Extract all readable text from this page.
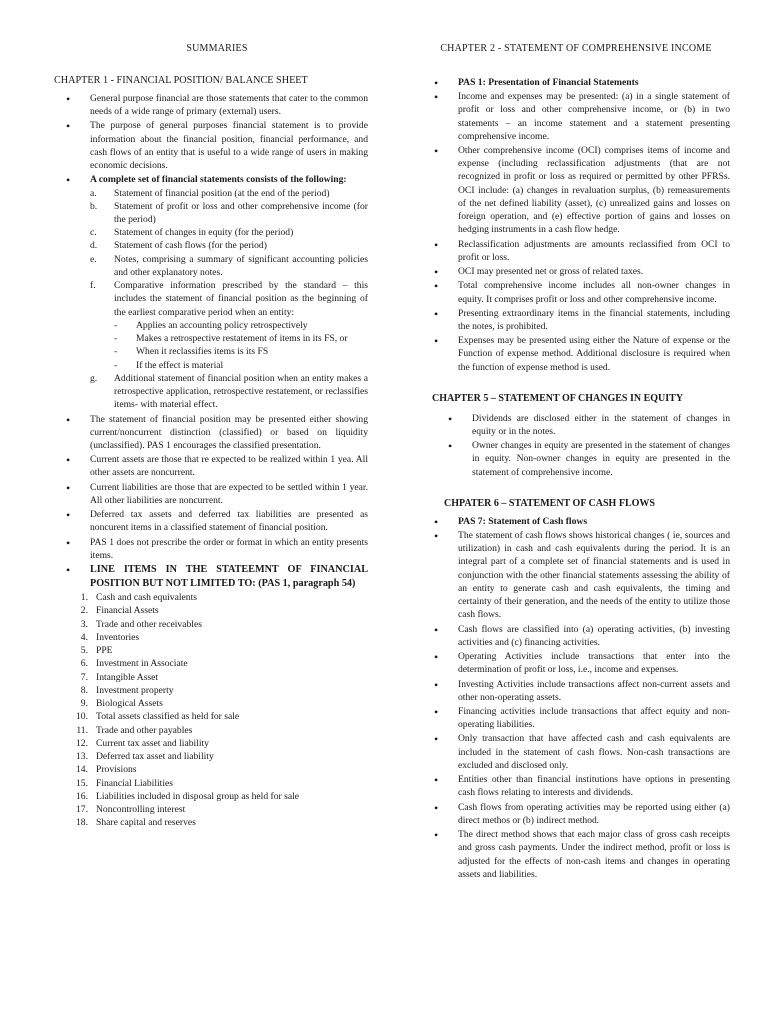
SUMMARIES
CHAPTER 1 - FINANCIAL POSITION/ BALANCE SHEET
• General purpose financial are those statements that cater to the common needs of a wide range of primary (external) users.
• The purpose of general purposes financial statement is to provide information about the financial position, financial performance, and cash flows of an entity that is useful to a wide range of users in making economic decisions.
• A complete set of financial statements consists of the following:
a. Statement of financial position (at the end of the period)
b. Statement of profit or loss and other comprehensive income (for the period)
c. Statement of changes in equity (for the period)
d. Statement of cash flows (for the period)
e. Notes, comprising a summary of significant accounting policies and other explanatory notes.
f. Comparative information prescribed by the standard – this includes the statement of financial position as the beginning of the earliest comparative period when an entity:
- Applies an accounting policy retrospectively
- Makes a retrospective restatement of items in its FS, or
- When it reclassifies items is its FS
- If the effect is material
g. Additional statement of financial position when an entity makes a retrospective application, retrospective restatement, or reclassifies items- with material effect.
• The statement of financial position may be presented either showing current/noncurrent distinction (classified) or based on liquidity (unclassified). PAS 1 encourages the classified presentation.
• Current assets are those that re expected to be realized within 1 yea. All other assets are noncurrent.
• Current liabilities are those that are expected to be settled within 1 year. All other liabilities are noncurrent.
• Deferred tax assets and deferred tax liabilities are presented as noncurent items in a classified statement of financial position.
• PAS 1 does not prescribe the order or format in which an entity presents items.
• LINE ITEMS IN THE STATEEMNT OF FINANCIAL POSITION BUT NOT LIMITED TO: (PAS 1, paragraph 54)
1. Cash and cash equivalents
2. Financial Assets
3. Trade and other receivables
4. Inventories
5. PPE
6. Investment in Associate
7. Intangible Asset
8. Investment property
9. Biological Assets
10. Total assets classified as held for sale
11. Trade and other payables
12. Current tax asset and liability
13. Deferred tax asset and liability
14. Provisions
15. Financial Liabilities
16. Liabilities included in disposal group as held for sale
17. Noncontrolling interest
18. Share capital and reserves
CHAPTER 2 - STATEMENT OF COMPREHENSIVE INCOME
• PAS 1: Presentation of Financial Statements
• Income and expenses may be presented: (a) in a single statement of profit or loss and other comprehensive income, or (b) in two statements – an income statement and a statement presenting comprehensive income.
• Other comprehensive income (OCI) comprises items of income and expense (including reclassification adjustments (that are not recognized in profit or loss as required or permitted by other PFRSs. OCI include: (a) changes in revaluation surplus, (b) remeasurements of the net defined liability (asset), (c) unrealized gains and losses on foreign operation, and (e) effective portion of gains and losses on hedging instruments in a cash flow hedge.
• Reclassification adjustments are amounts reclassified from OCI to profit or loss.
• OCI may presented net or gross of related taxes.
• Total comprehensive income includes all non-owner changes in equity. It comprises profit or loss and other comprehensive income.
• Presenting extraordinary items in the financial statements, including the notes, is prohibited.
• Expenses may be presented using either the Nature of expense or the Function of expense method. Additional disclosure is required when the function of expense method is used.
CHAPTER 5 – STATEMENT OF CHANGES IN EQUITY
• Dividends are disclosed either in the statement of changes in equity or in the notes.
• Owner changes in equity are presented in the statement of changes in equity. Non-owner changes in equity are presented in the statement of comprehensive income.
CHPATER 6 – STATEMENT OF CASH FLOWS
• PAS 7: Statement of Cash flows
• The statement of cash flows shows historical changes ( ie, sources and utilization) in cash and cash equivalents during the period. It is an integral part of a complete set of financial statements and is used in conjunction with the other financial statements assessing the ability of an entity to generate cash and cash equivalents, the timing and certainty of their generation, and the needs of the entity to utilize those cash flows.
• Cash flows are classified into (a) operating activities, (b) investing activities and (c) financing activities.
• Operating Activities include transactions that enter into the determination of profit or loss, i.e., income and expenses.
• Investing Activities include transactions affect non-current assets and other non-operating assets.
• Financing activities include transactions that affect equity and non-operating liabilities.
• Only transaction that have affected cash and cash equivalents are included in the statement of cash flows. Non-cash transactions are excluded and disclosed only.
• Entities other than financial institutions have options in presenting cash flows relating to interests and dividends.
• Cash flows from operating activities may be reported using either (a) direct methos or (b) indirect method.
• The direct method shows that each major class of gross cash receipts and gross cash payments. Under the indirect method, profit or loss is adjusted for the effects of non-cash items and changes in operating assets and liabilities.
